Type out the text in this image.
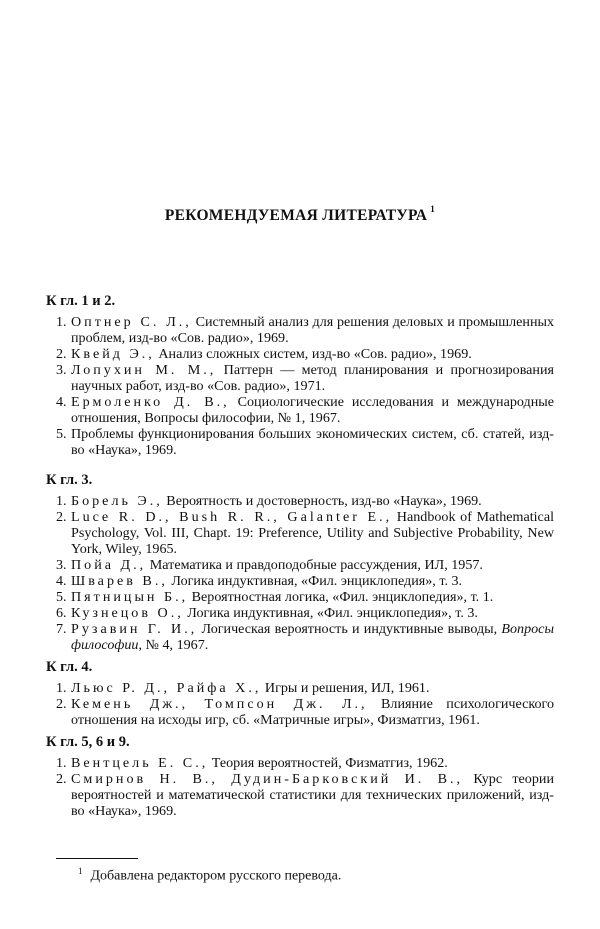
РЕКОМЕНДУЕМАЯ ЛИТЕРАТУРА $^1$
К гл. 1 и 2.
1. Оптнер С. Л., Системный анализ для решения деловых и промышленных проблем, изд-во «Сов. радио», 1969.
2. Квейд Э., Анализ сложных систем, изд-во «Сов. радио», 1969.
3. Лопухин М. М., Паттерн — метод планирования и прогнозирования научных работ, изд-во «Сов. радио», 1971.
4. Ермоленко Д. В., Социологические исследования и международные отношения, Вопросы философии, № 1, 1967.
5. Проблемы функционирования больших экономических систем, сб. статей, изд-во «Наука», 1969.
К гл. 3.
1. Борель Э., Вероятность и достоверность, изд-во «Наука», 1969.
2. Luce R. D., Bush R. R., Galanter E., Handbook of Mathematical Psychology, Vol. III, Chapt. 19: Preference, Utility and Subjective Probability, New York, Wiley, 1965.
3. Пойа Д., Математика и правдоподобные рассуждения, ИЛ, 1957.
4. Шварев В., Логика индуктивная, «Фил. энциклопедия», т. 3.
5. Пятницын Б., Вероятностная логика, «Фил. энциклопедия», т. 1.
6. Кузнецов О., Логика индуктивная, «Фил. энциклопедия», т. 3.
7. Рузавин Г. И., Логическая вероятность и индуктивные выводы, Вопросы философии, № 4, 1967.
К гл. 4.
1. Льюс Р. Д., Райфа Х., Игры и решения, ИЛ, 1961.
2. Кемень Дж., Томпсон Дж. Л., Влияние психологического отношения на исходы игр, сб. «Матричные игры», Физматгиз, 1961.
К гл. 5, 6 и 9.
1. Вентцель Е. С., Теория вероятностей, Физматгиз, 1962.
2. Смирнов Н. В., Дудин-Барковский И. В., Курс теории вероятностей и математической статистики для технических приложений, изд-во «Наука», 1969.
$^1$ Добавлена редактором русского перевода.
